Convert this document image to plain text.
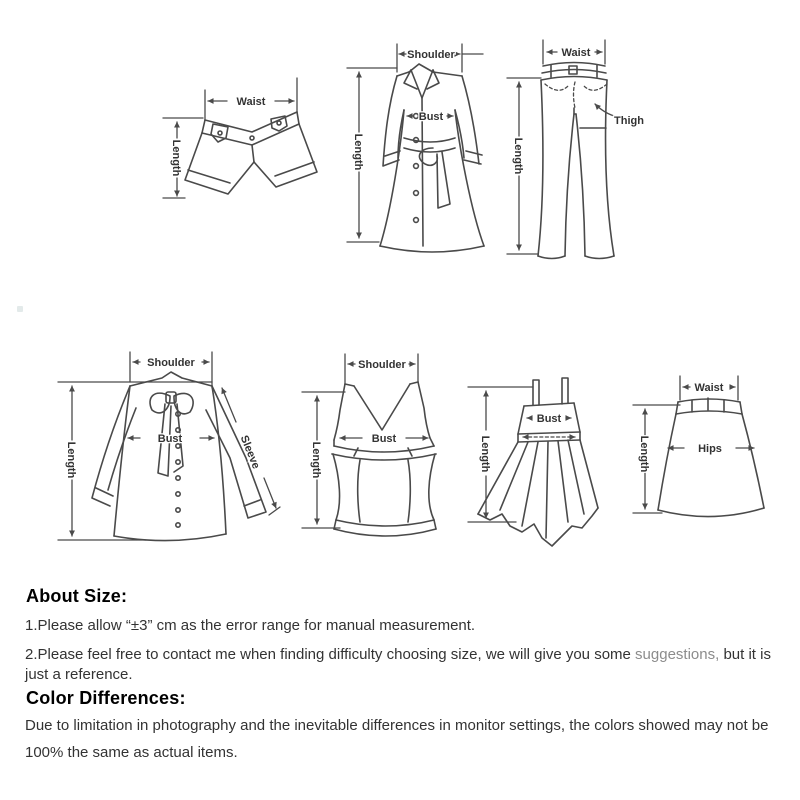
Waist
Length
Shoulder
Bust
Length
Waist
Thigh
Length
Shoulder
Bust
Length	Sleeve
Shoulder
Bust
Length
Bust
Length
Waist
Hips
Length
About Size:
1.Please allow “±3” cm as the error range for manual measurement.
2.Please feel free to contact me when finding difficulty choosing size, we will give you some suggestions, but it is
just a reference.
Color Differences:
Due to limitation in photography and the inevitable differences in monitor settings, the colors showed may not be
100% the same as actual items.
